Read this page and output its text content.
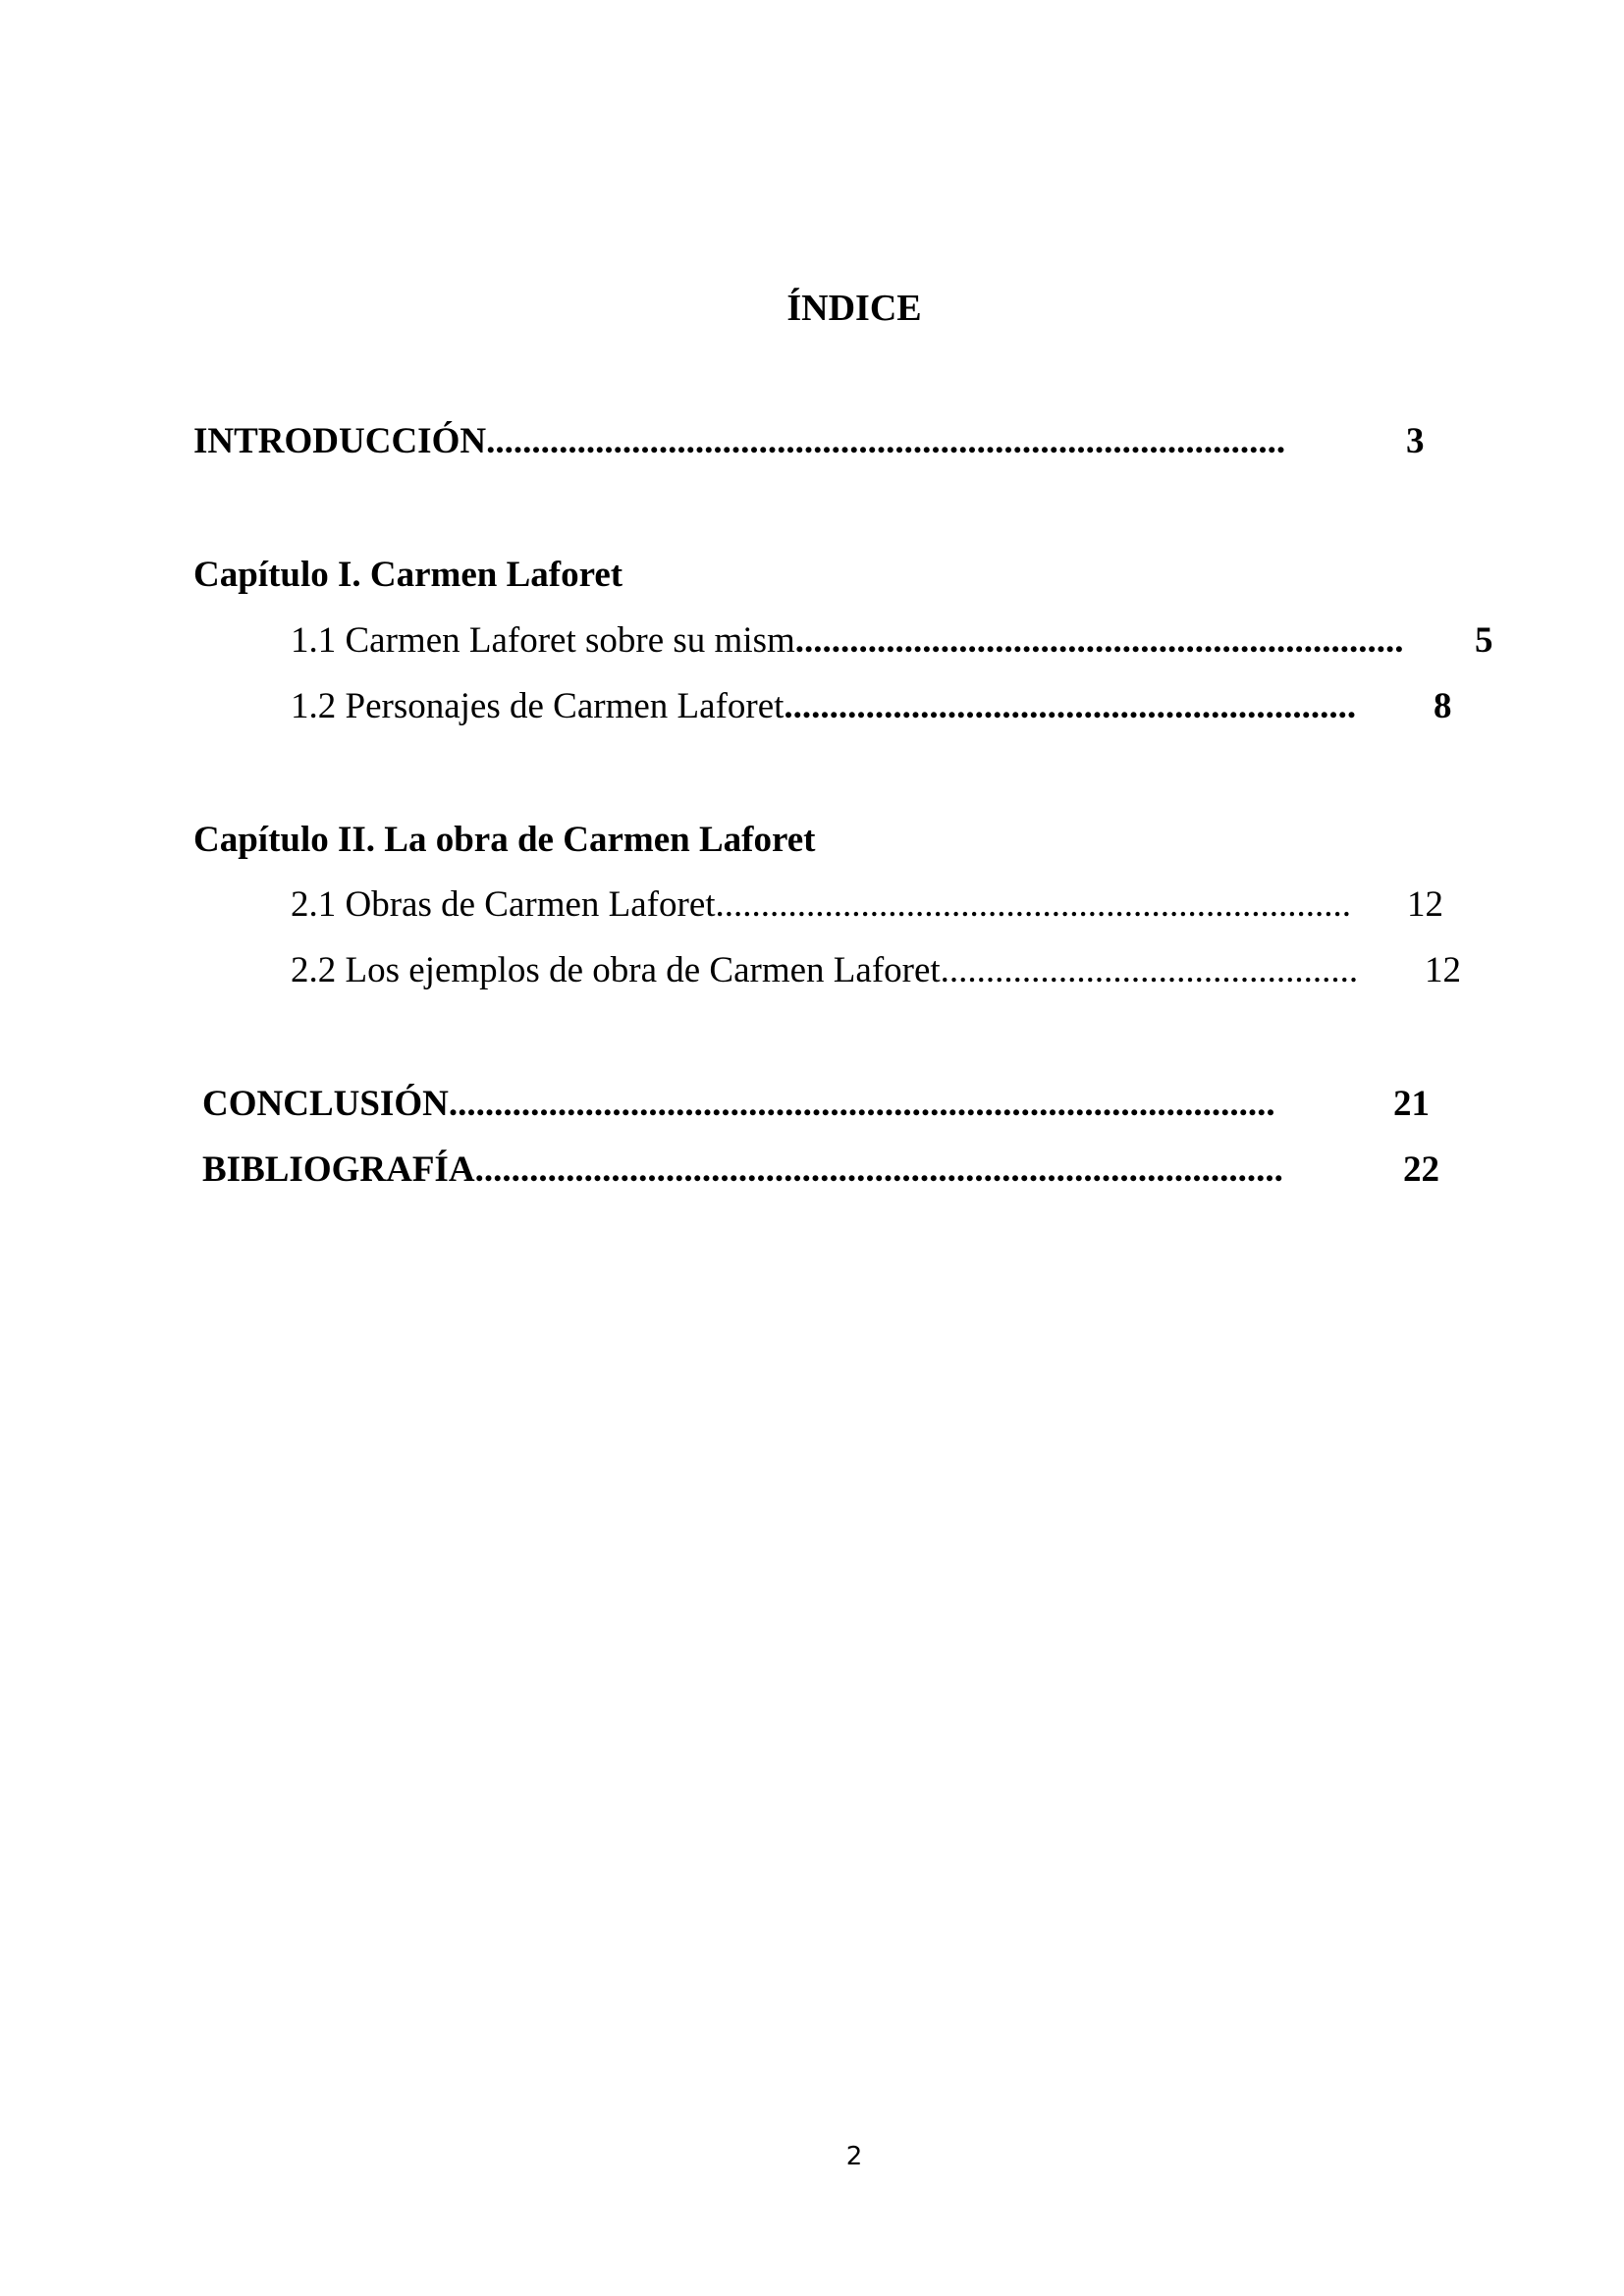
ÍNDICE
INTRODUCCIÓN........................................................................................	3
Capítulo I. Carmen Laforet
1.1 Carmen Laforet sobre su mism................................................................... 5
1.2 Personajes de Carmen Laforet............................................................... 8
Capítulo II. La obra de Carmen Laforet
2.1 Obras de Carmen Laforet...................................................................... 12
2.2 Los ejemplos de obra de Carmen Laforet.............................................. 12
CONCLUSIÓN...........................................................................................	21
BIBLIOGRAFÍA.........................................................................................	22
2
